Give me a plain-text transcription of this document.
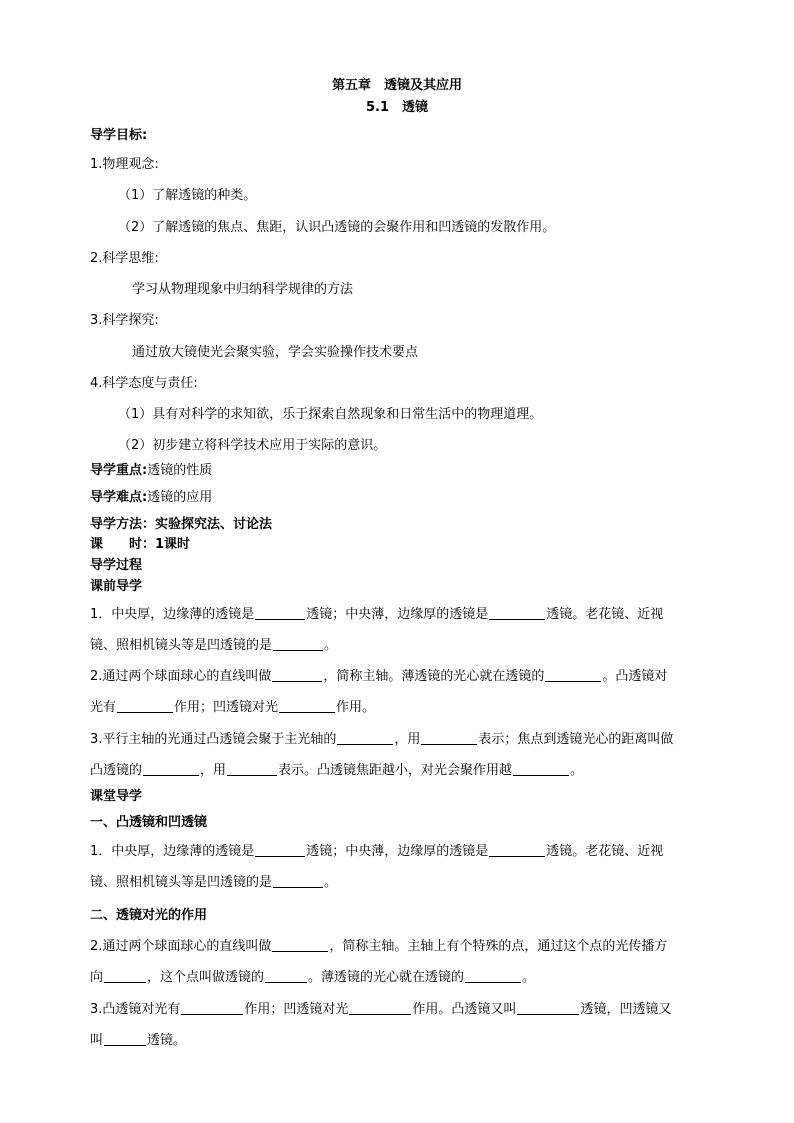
第五章　透镜及其应用
5.1　透镜
导学目标:
1.物理观念:
（1）了解透镜的种类。
（2）了解透镜的焦点、焦距，认识凸透镜的会聚作用和凹透镜的发散作用。
2.科学思维:
学习从物理现象中归纳科学规律的方法
3.科学探究:
通过放大镜使光会聚实验，学会实验操作技术要点
4.科学态度与责任:
（1）具有对科学的求知欲，乐于探索自然现象和日常生活中的物理道理。
（2）初步建立将科学技术应用于实际的意识。
导学重点:透镜的性质
导学难点:透镜的应用
导学方法：实验探究法、讨论法
课　　时：1课时
导学过程
课前导学
1．中央厚，边缘薄的透镜是	透镜；中央薄，边缘厚的透镜是	透镜。老花镜、近视
镜、照相机镜头等是凹透镜的是	。
2.通过两个球面球心的直线叫做	，简称主轴。薄透镜的光心就在透镜的	。凸透镜对
光有	作用；凹透镜对光	作用。
3.平行主轴的光通过凸透镜会聚于主光轴的	，用	表示；焦点到透镜光心的距离叫做
凸透镜的	，用	表示。凸透镜焦距越小，对光会聚作用越	。
课堂导学
一、凸透镜和凹透镜
1．中央厚，边缘薄的透镜是	透镜；中央薄，边缘厚的透镜是	透镜。老花镜、近视
镜、照相机镜头等是凹透镜的是	。
二、透镜对光的作用
2.通过两个球面球心的直线叫做	，简称主轴。主轴上有个特殊的点，通过这个点的光传播方
向	，这个点叫做透镜的	。薄透镜的光心就在透镜的	。
3.凸透镜对光有	作用；凹透镜对光	作用。凸透镜又叫	透镜，凹透镜又
叫	透镜。
